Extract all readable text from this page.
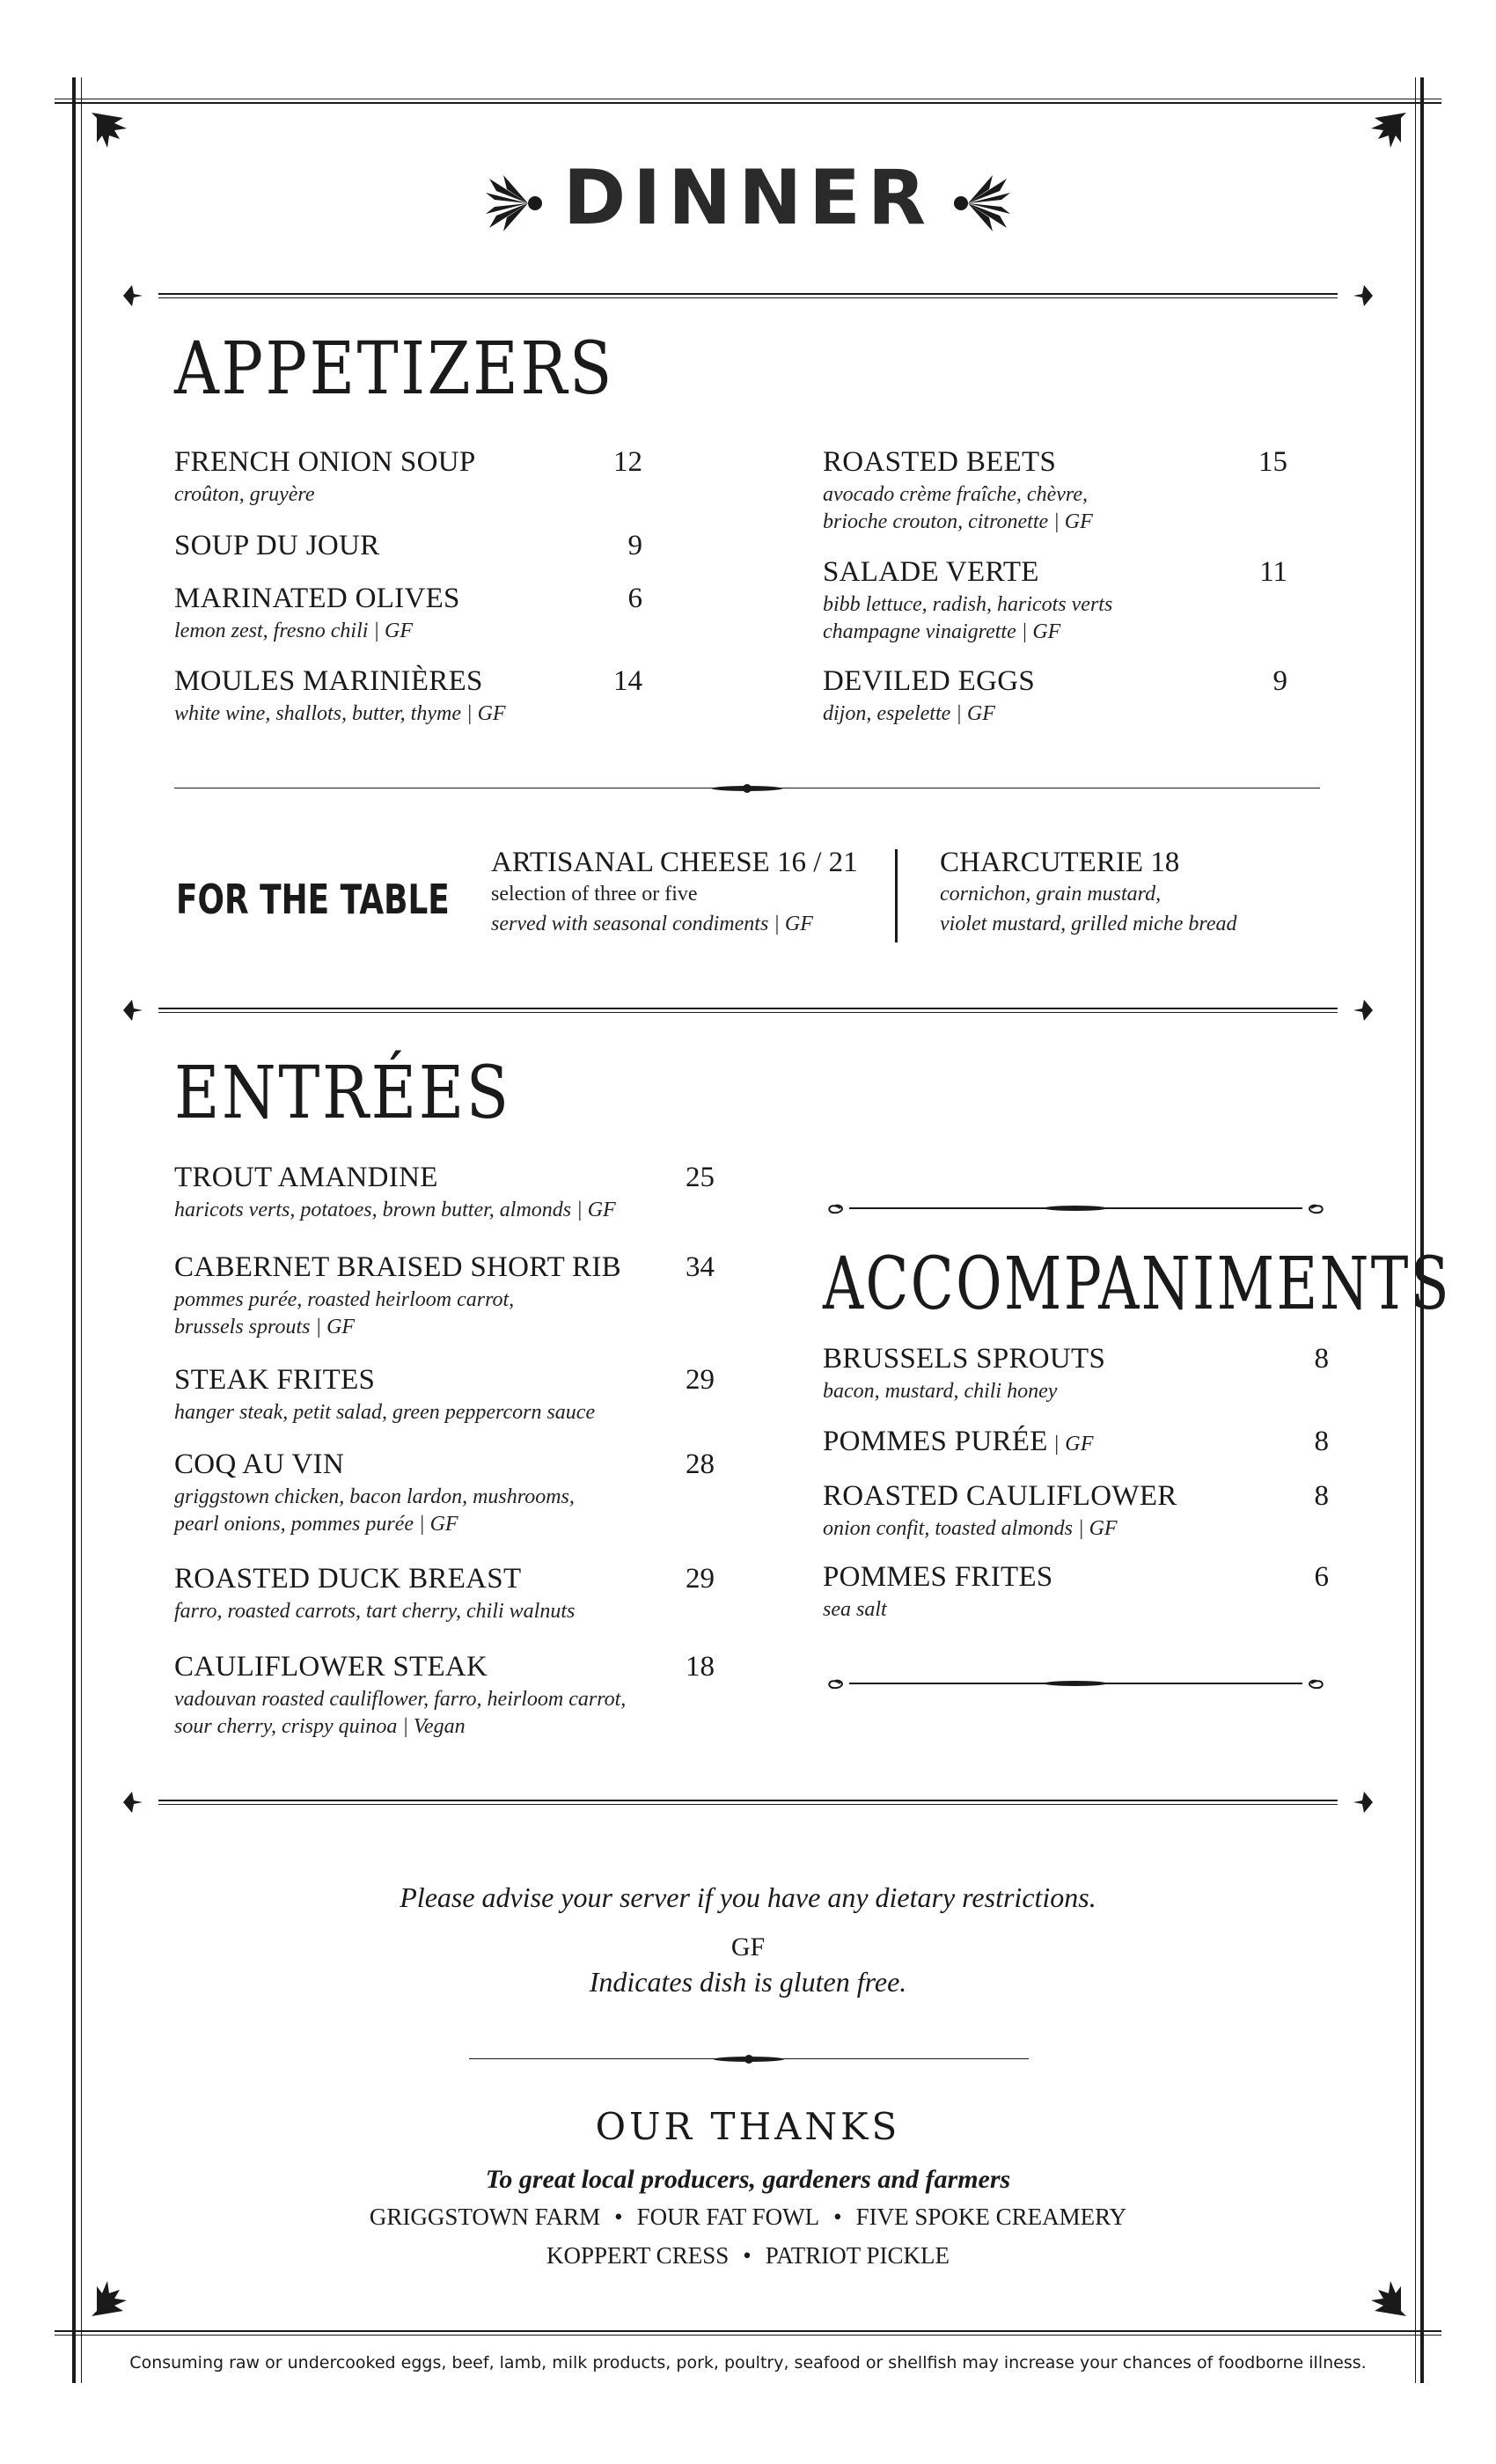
DINNER
APPETIZERS
FRENCH ONION SOUP	12
croûton, gruyère
SOUP DU JOUR	9
MARINATED OLIVES	6
lemon zest, fresno chili | GF
MOULES MARINIÈRES	14
white wine, shallots, butter, thyme | GF
ROASTED BEETS	15
avocado crème fraîche, chèvre,
brioche crouton, citronette | GF
SALADE VERTE	11
bibb lettuce, radish, haricots verts
champagne vinaigrette | GF
DEVILED EGGS	9
dijon, espelette | GF
FOR THE TABLE
ARTISANAL CHEESE 16 / 21
selection of three or five
served with seasonal condiments | GF
CHARCUTERIE 18
cornichon, grain mustard,
violet mustard, grilled miche bread
ENTRÉES
TROUT AMANDINE	25
haricots verts, potatoes, brown butter, almonds | GF
CABERNET BRAISED SHORT RIB 34
pommes purée, roasted heirloom carrot,
brussels sprouts | GF
STEAK FRITES	29
hanger steak, petit salad, green peppercorn sauce
COQ AU VIN	28
griggstown chicken, bacon lardon, mushrooms,
pearl onions, pommes purée | GF
ROASTED DUCK BREAST	29
farro, roasted carrots, tart cherry, chili walnuts
CAULIFLOWER STEAK	18
vadouvan roasted cauliflower, farro, heirloom carrot,
sour cherry, crispy quinoa | Vegan
ACCOMPANIMENTS
BRUSSELS SPROUTS	8
bacon, mustard, chili honey
POMMES PURÉE | GF	8
ROASTED CAULIFLOWER	8
onion confit, toasted almonds | GF
POMMES FRITES	6
sea salt
Please advise your server if you have any dietary restrictions.
GF
Indicates dish is gluten free.
OUR THANKS
To great local producers, gardeners and farmers
GRIGGSTOWN FARM • FOUR FAT FOWL • FIVE SPOKE CREAMERY
KOPPERT CRESS • PATRIOT PICKLE
Consuming raw or undercooked eggs, beef, lamb, milk products, pork, poultry, seafood or shellfish may increase your chances of foodborne illness.
